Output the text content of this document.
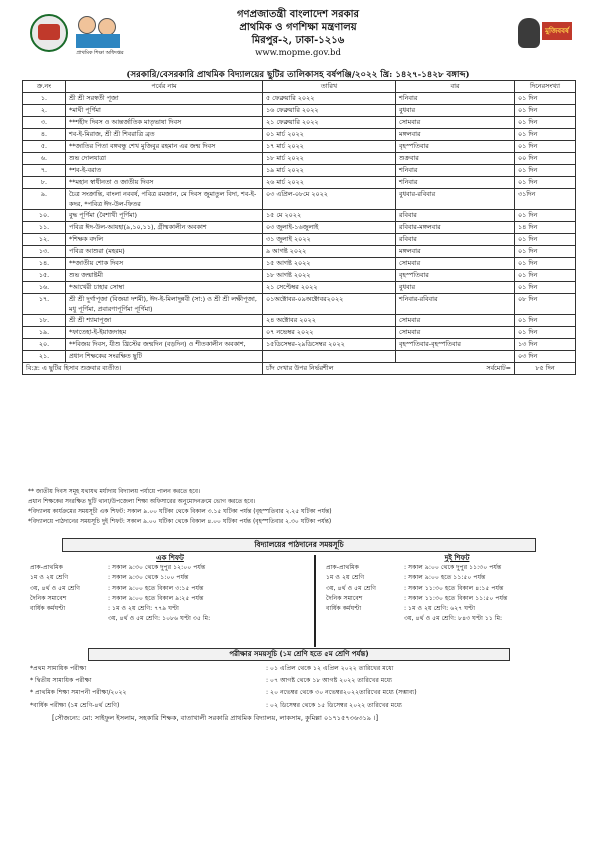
প্রাথমিক শিক্ষা অধিদপ্তর
মুজিববর্ষ
গণপ্রজাতন্ত্রী বাংলাদেশ সরকার
প্রাথমিক ও গণশিক্ষা মন্ত্রণালয়
মিরপুর-২, ঢাকা-১২১৬
www.mopme.gov.bd
(সরকারি/বেসরকারি প্রাথমিক বিদ্যালয়ের ছুটির তালিকাসহ বর্ষপঞ্জি/২০২২ খ্রি: ১৪২৭-১৪২৮ বঙ্গাব্দ)
ক্র.নং	পর্বের নাম	তারিখ	বার	দিনেরসংখ্যা
১.	শ্রী শ্রী সরস্বতী পূজা	৫ ফেব্রুয়ারি ২০২২	শনিবার	০১ দিন
২.	*মাঘী পূর্ণিমা	১৬ ফেব্রুয়ারি ২০২২	বুধবার	০১ দিন
৩.	**শহীদ দিবস ও আন্তর্জাতিক মাতৃভাষা দিবস	২১ ফেব্রুয়ারি ২০২২	সোমবার	০১ দিন
৪.	শব-ই-মিরাজ, শ্রী শ্রী শিবরাত্রি ব্রত	০১ মার্চ ২০২২	মঙ্গলবার	০১ দিন
৫.	**জাতির পিতা বঙ্গবন্ধু শেখ মুজিবুর রহমান এর জন্ম দিবস	১৭ মার্চ ২০২২	বৃহস্পতিবার	০১ দিন
৬.	শুভ দোলযাত্রা	১৮ মার্চ ২০২২	শুক্রবার	০০ দিন
৭.	*শব-ই-বরাত	১৯ মার্চ ২০২২	শনিবার	০১ দিন
৮.	**মহান স্বাধীনতা ও জাতীয় দিবস	২৬ মার্চ ২০২২	শনিবার	০১ দিন
৯.	চৈত্র সংক্রান্তি, বাংলা নববর্ষ, পবিত্র রমজান, মে দিবস জুমাতুল বিদা, শব-ই-কদর, *পবিত্র ঈদ-উল-ফিতর	০৩ এপ্রিল-০৮মে ২০২২	বুধবার-রবিবার	৩১দিন
১০.	বুদ্ধ পূর্ণিমা (বৈশাখী পূর্ণিমা)	১৫ মে ২০২২	রবিবার	০১ দিন
১১.	পবিত্র ঈদ-উল-আযহা(৯,১০,১১), গ্রীষ্মকালীন অবকাশ	০৩ জুলাই-১৬জুলাই	রবিবার-মঙ্গলবার	১৪ দিন
১২.	*শিক্ষক বদলি	৩১ জুলাই ২০২২	রবিবার	০১ দিন
১৩.	পবিত্র আশুরা (মহরম)	৯ আগষ্ট ২০২২	মঙ্গলবার	০১ দিন
১৪.	**জাতীয় শোক দিবস	১৫ আগষ্ট ২০২২	সোমবার	০১ দিন
১৫.	শুভ জন্মাষ্টমী	১৮ আগষ্ট ২০২২	বৃহস্পতিবার	০১ দিন
১৬.	*আখেরী চাহার সোম্বা	২১ সেপ্টেম্বর ২০২২	বুধবার	০১ দিন
১৭.	শ্রী শ্রী দুর্গাপূজা (বিজয়া দশমী), ঈদ-ই-মিলাদুন্নবী (সা:) ও শ্রী শ্রী লক্ষীপূজা, মধু পূর্ণিমা, প্রবারণাপূর্ণিমা পূর্ণিমা)	০১অক্টোবর-০৯অক্টোবর২০২২	শনিবার-রবিবার	০৮ দিন
১৮.	শ্রী শ্রী শ্যামাপূজা	২৪ অক্টোবর ২০২২	সোমবার	০১ দিন
১৯.	*ফাতেহা-ই-ইয়াজদাহম	০৭ নভেম্বর ২০২২	সোমবার	০১ দিন
২০.	**বিজয় দিবস, যীশু খ্রিস্টের জন্মদিন (বড়দিন) ও শীতকালীন অবকাশ,	১৫ডিসেম্বর-২৯ডিসেম্বর ২০২২	বৃহস্পতিবার-বৃহস্পতিবার	১৩ দিন
২১.	প্রধান শিক্ষকের সংরক্ষিত ছুটি			০৩ দিন
বি:দ্র: এ ছুটির হিসাব শুক্রবার ব্যতীত।		চাঁদ দেখার উপর নির্ভরশীল সর্বমোট=		৮৫ দিন
** জাতীয় দিবস সমূহ যথাযথ মর্যাদায় বিদ্যালয় পর্যায়ে পালন করতে হবে।
প্রধান শিক্ষকের সংরক্ষিত ছুটি থানা/উপজেলা শিক্ষা অফিসারের অনুমোদনক্রমে ভোগ করতে হবে।
*বিদ্যালয় কার্যক্রমের সময়সূচী এক শিফট: সকাল ৯.০০ ঘটিকা থেকে বিকাল ৩.১৫ ঘটিকা পর্যন্ত (বৃহস্পতিবার ২.২৫ ঘটিকা পর্যন্ত)
*বিদ্যালয়ে পাঠদানের সময়সূচি দুই শিফট: সকাল ৯.০০ ঘটিকা থেকে বিকাল ৪.০০ ঘটিকা পর্যন্ত (বৃহস্পতিবার ২.৩০ ঘটিকা পর্যন্ত)
বিদ্যালয়ের পাঠদানের সময়সূচি
এক শিফট
প্রাক-প্রাথমিক	: সকাল ৯:৩০ থেকে দুপুর ১২:০০ পর্যন্ত
১ম ও ২য় শ্রেণি	: সকাল ৯:৩০ থেকে ১:০০ পর্যন্ত
৩য়, ৪র্থ ও ৫ম শ্রেণি	: সকাল ৯:০০ হতে বিকাল ৩:১৫ পর্যন্ত
দৈনিক সমাবেশ	: সকাল ৯:০০ হতে বিকাল ৯:২৫ পর্যন্ত
বার্ষিক কর্মঘণ্টা	: ১ম ও ২য় শ্রেণি: ৭৭৯ ঘণ্টা
	৩য়, ৪র্থ ও ৫ম শ্রেণি: ১০৮৬ ঘণ্টা ৩৫ মি:
দুই শিফট
প্রাক-প্রাথমিক	: সকাল ৯:০০ থেকে দুপুর ১১:৩০ পর্যন্ত
১ম ও ২য় শ্রেণি	: সকাল ৯:০০ হতে ১১:৫০ পর্যন্ত
৩য়, ৪র্থ ও ৫ম শ্রেণি	: সকাল ১১:৩০ হতে বিকাল ৪:১৫ পর্যন্ত
দৈনিক সমাবেশ	: সকাল ১১:৩০ হতে বিকাল ১১:৫০ পর্যন্ত
বার্ষিক কর্মঘণ্টা	: ১ম ও ২য় শ্রেণি: ৬২৭ ঘণ্টা
	৩য়, ৪র্থ ও ৫ম শ্রেণি: ৮৪৩ ঘণ্টা ১১ মি:
পরীক্ষার সময়সূচি (১ম শ্রেণি হতে ৫ম শ্রেণি পর্যন্ত)
*প্রথম সামায়িক পরীক্ষা	: ০১ এপ্রিল থেকে ১২ এপ্রিল ২০২২ তারিখের মধ্যে
* দ্বিতীয় সামায়িক পরীক্ষা	: ০৭ আগষ্ট থেকে ১৮ আগষ্ট ২০২২ তারিখের মধ্যে
* প্রাথমিক শিক্ষা সমাপনী পরীক্ষা/২০২২	: ২০ নভেম্বর থেকে ৩০ নভেম্বর২০২২তারিখের মধ্যে (সম্ভাব্য)
*বার্ষিক পরীক্ষা (১ম শ্রেণি-৪র্থ শ্রেণি)	: ০২ ডিসেম্বর থেকে ১৫ ডিসেম্বর ২০২২ তারিখের মধ্যে
[সৌজন্যে: মো: সাইফুল ইসলাম, সহকারি শিক্ষক, বাতাখালী সরকারি প্রাথমিক বিদ্যালয়, লাকসাম, কুমিল্লা ০১৭১৫৭৩৬৩১৯ ।]
